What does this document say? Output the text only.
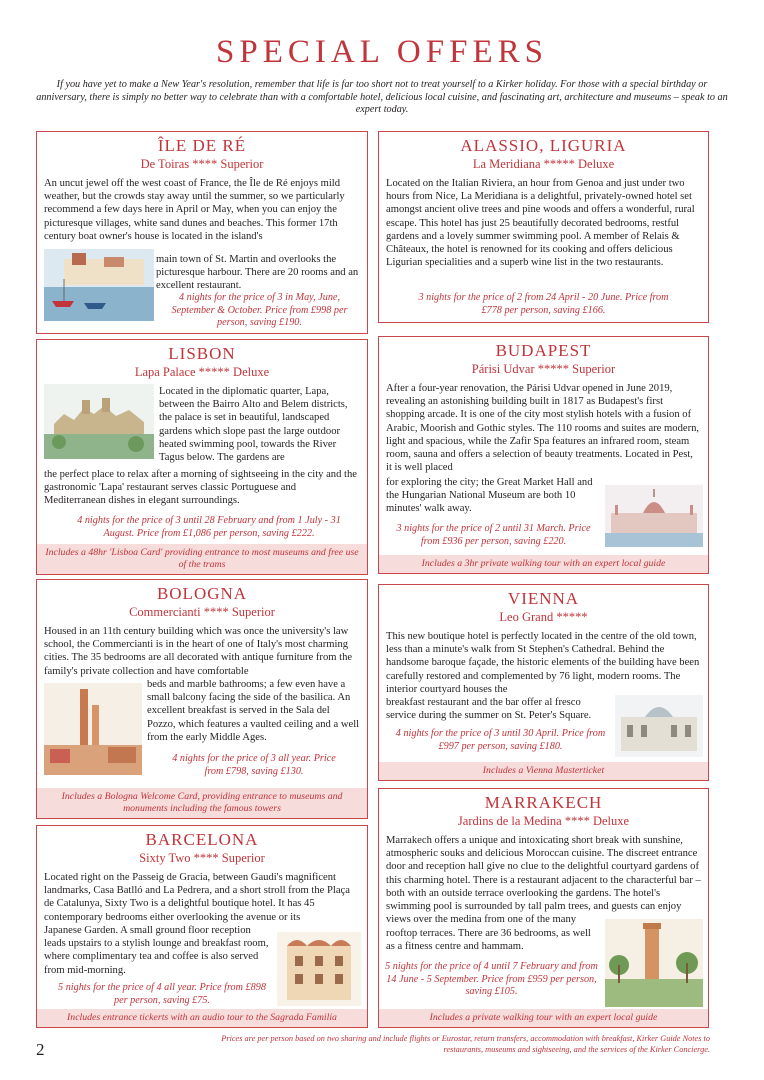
SPECIAL OFFERS
If you have yet to make a New Year's resolution, remember that life is far too short not to treat yourself to a Kirker holiday. For those with a special birthday or anniversary, there is simply no better way to celebrate than with a comfortable hotel, delicious local cuisine, and fascinating art, architecture and museums – speak to an expert today.
ÎLE DE RÉ
De Toiras **** Superior
An uncut jewel off the west coast of France, the Île de Ré enjoys mild weather, but the crowds stay away until the summer, so we particularly recommend a few days here in April or May, when you can enjoy the picturesque villages, white sand dunes and beaches. This former 17th century boat owner's house is located in the island's
main town of St. Martin and overlooks the picturesque harbour. There are 20 rooms and an excellent restaurant.
4 nights for the price of 3 in May, June, September & October. Price from £998 per person, saving £190.
ALASSIO, LIGURIA
La Meridiana ***** Deluxe
Located on the Italian Riviera, an hour from Genoa and just under two hours from Nice, La Meridiana is a delightful, privately-owned hotel set amongst ancient olive trees and pine woods and offers a wonderful, rural escape. This hotel has just 25 beautifully decorated bedrooms, restful gardens and a lovely summer swimming pool. A member of Relais & Châteaux, the hotel is renowned for its cooking and offers delicious Ligurian specialities and a superb wine list in the two restaurants.
3 nights for the price of 2 from 24 April - 20 June. Price from £778 per person, saving £166.
LISBON
Lapa Palace ***** Deluxe
Located in the diplomatic quarter, Lapa, between the Bairro Alto and Belem districts, the palace is set in beautiful, landscaped gardens which slope past the large outdoor heated swimming pool, towards the River Tagus below. The gardens are
the perfect place to relax after a morning of sightseeing in the city and the gastronomic 'Lapa' restaurant serves classic Portuguese and Mediterranean dishes in elegant surroundings.
4 nights for the price of 3 until 28 February and from 1 July - 31 August. Price from £1,086 per person, saving £222.
Includes a 48hr 'Lisboa Card' providing entrance to most museums and free use of the trams
BUDAPEST
Párisi Udvar ***** Superior
After a four-year renovation, the Párisi Udvar opened in June 2019, revealing an astonishing building built in 1817 as Budapest's first shopping arcade. It is one of the city most stylish hotels with a fusion of Arabic, Moorish and Gothic styles. The 110 rooms and suites are modern, light and spacious, while the Zafir Spa features an infrared room, steam room, sauna and offers a selection of beauty treatments. Located in Pest, it is well placed
for exploring the city; the Great Market Hall and the Hungarian National Museum are both 10 minutes' walk away.
3 nights for the price of 2 until 31 March. Price from £936 per person, saving £220.
Includes a 3hr private walking tour with an expert local guide
BOLOGNA
Commercianti **** Superior
Housed in an 11th century building which was once the university's law school, the Commercianti is in the heart of one of Italy's most charming cities. The 35 bedrooms are all decorated with antique furniture from the family's private collection and have comfortable
beds and marble bathrooms; a few even have a small balcony facing the side of the basilica. An excellent breakfast is served in the Sala del Pozzo, which features a vaulted ceiling and a well from the early Middle Ages.
4 nights for the price of 3 all year. Price from £798, saving £130.
Includes a Bologna Welcome Card, providing entrance to museums and monuments including the famous towers
VIENNA
Leo Grand *****
This new boutique hotel is perfectly located in the centre of the old town, less than a minute's walk from St Stephen's Cathedral. Behind the handsome baroque façade, the historic elements of the building have been carefully restored and complemented by 76 light, modern rooms. The interior courtyard houses the
breakfast restaurant and the bar offer al fresco service during the summer on St. Peter's Square.
4 nights for the price of 3 until 30 April. Price from £997 per person, saving £180.
Includes a Vienna Masterticket
BARCELONA
Sixty Two **** Superior
Located right on the Passeig de Gracia, between Gaudi's magnificent landmarks, Casa Batlló and La Pedrera, and a short stroll from the Plaça de Catalunya, Sixty Two is a delightful boutique hotel. It has 45 contemporary bedrooms either overlooking the avenue or its
Japanese Garden. A small ground floor reception leads upstairs to a stylish lounge and breakfast room, where complimentary tea and coffee is also served from mid-morning.
5 nights for the price of 4 all year. Price from £898 per person, saving £75.
Includes entrance tickerts with an audio tour to the Sagrada Familia
MARRAKECH
Jardins de la Medina **** Deluxe
Marrakech offers a unique and intoxicating short break with sunshine, atmospheric souks and delicious Moroccan cuisine. The discreet entrance door and reception hall give no clue to the delightful courtyard gardens of this charming hotel. There is a restaurant adjacent to the characterful bar – both with an outside terrace overlooking the gardens. The hotel's swimming pool is surrounded by tall palm trees, and guests can enjoy views over the medina from one of the many
rooftop terraces. There are 36 bedrooms, as well as a fitness centre and hammam.
5 nights for the price of 4 until 7 February and from 14 June - 5 September. Price from £959 per person, saving £105.
Includes a private walking tour with an expert local guide
2
Prices are per person based on two sharing and include flights or Eurostar, return transfers, accommodation with breakfast, Kirker Guide Notes to restaurants, museums and sightseeing, and the services of the Kirker Concierge.
